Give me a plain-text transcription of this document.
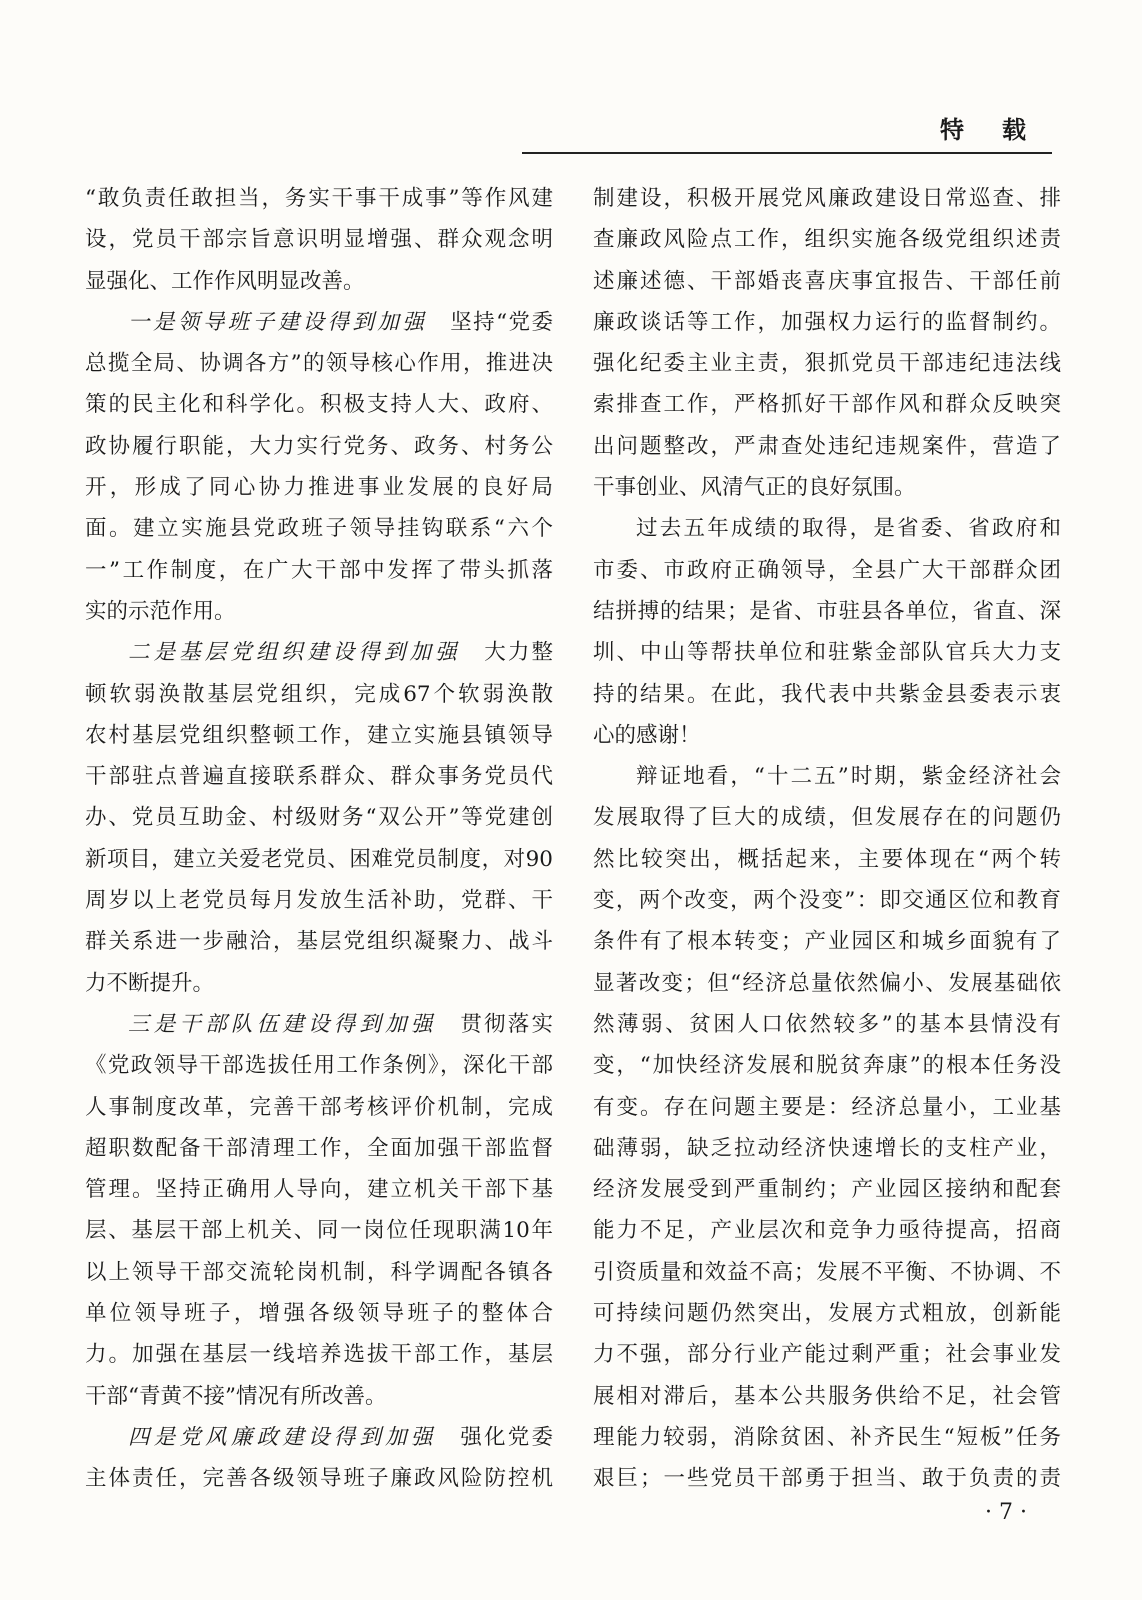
特载
“敢负责任敢担当，务实干事干成事”等作风建
设，党员干部宗旨意识明显增强、群众观念明
显强化、工作作风明显改善。
一是领导班子建设得到加强　坚持“党委
总揽全局、协调各方”的领导核心作用，推进决
策的民主化和科学化。积极支持人大、政府、
政协履行职能，大力实行党务、政务、村务公
开，形成了同心协力推进事业发展的良好局
面。建立实施县党政班子领导挂钩联系“六个
一”工作制度，在广大干部中发挥了带头抓落
实的示范作用。
二是基层党组织建设得到加强　大力整
顿软弱涣散基层党组织，完成67个软弱涣散
农村基层党组织整顿工作，建立实施县镇领导
干部驻点普遍直接联系群众、群众事务党员代
办、党员互助金、村级财务“双公开”等党建创
新项目，建立关爱老党员、困难党员制度，对90
周岁以上老党员每月发放生活补助，党群、干
群关系进一步融洽，基层党组织凝聚力、战斗
力不断提升。
三是干部队伍建设得到加强　贯彻落实
《党政领导干部选拔任用工作条例》，深化干部
人事制度改革，完善干部考核评价机制，完成
超职数配备干部清理工作，全面加强干部监督
管理。坚持正确用人导向，建立机关干部下基
层、基层干部上机关、同一岗位任现职满10年
以上领导干部交流轮岗机制，科学调配各镇各
单位领导班子，增强各级领导班子的整体合
力。加强在基层一线培养选拔干部工作，基层
干部“青黄不接”情况有所改善。
四是党风廉政建设得到加强　强化党委
主体责任，完善各级领导班子廉政风险防控机
制建设，积极开展党风廉政建设日常巡查、排
查廉政风险点工作，组织实施各级党组织述责
述廉述德、干部婚丧喜庆事宜报告、干部任前
廉政谈话等工作，加强权力运行的监督制约。
强化纪委主业主责，狠抓党员干部违纪违法线
索排查工作，严格抓好干部作风和群众反映突
出问题整改，严肃查处违纪违规案件，营造了
干事创业、风清气正的良好氛围。
过去五年成绩的取得，是省委、省政府和
市委、市政府正确领导，全县广大干部群众团
结拼搏的结果；是省、市驻县各单位，省直、深
圳、中山等帮扶单位和驻紫金部队官兵大力支
持的结果。在此，我代表中共紫金县委表示衷
心的感谢！
辩证地看，“十二五”时期，紫金经济社会
发展取得了巨大的成绩，但发展存在的问题仍
然比较突出，概括起来，主要体现在“两个转
变，两个改变，两个没变”：即交通区位和教育
条件有了根本转变；产业园区和城乡面貌有了
显著改变；但“经济总量依然偏小、发展基础依
然薄弱、贫困人口依然较多”的基本县情没有
变，“加快经济发展和脱贫奔康”的根本任务没
有变。存在问题主要是：经济总量小，工业基
础薄弱，缺乏拉动经济快速增长的支柱产业，
经济发展受到严重制约；产业园区接纳和配套
能力不足，产业层次和竞争力亟待提高，招商
引资质量和效益不高；发展不平衡、不协调、不
可持续问题仍然突出，发展方式粗放，创新能
力不强，部分行业产能过剩严重；社会事业发
展相对滞后，基本公共服务供给不足，社会管
理能力较弱，消除贫困、补齐民生“短板”任务
艰巨；一些党员干部勇于担当、敢于负责的责
· 7 ·
